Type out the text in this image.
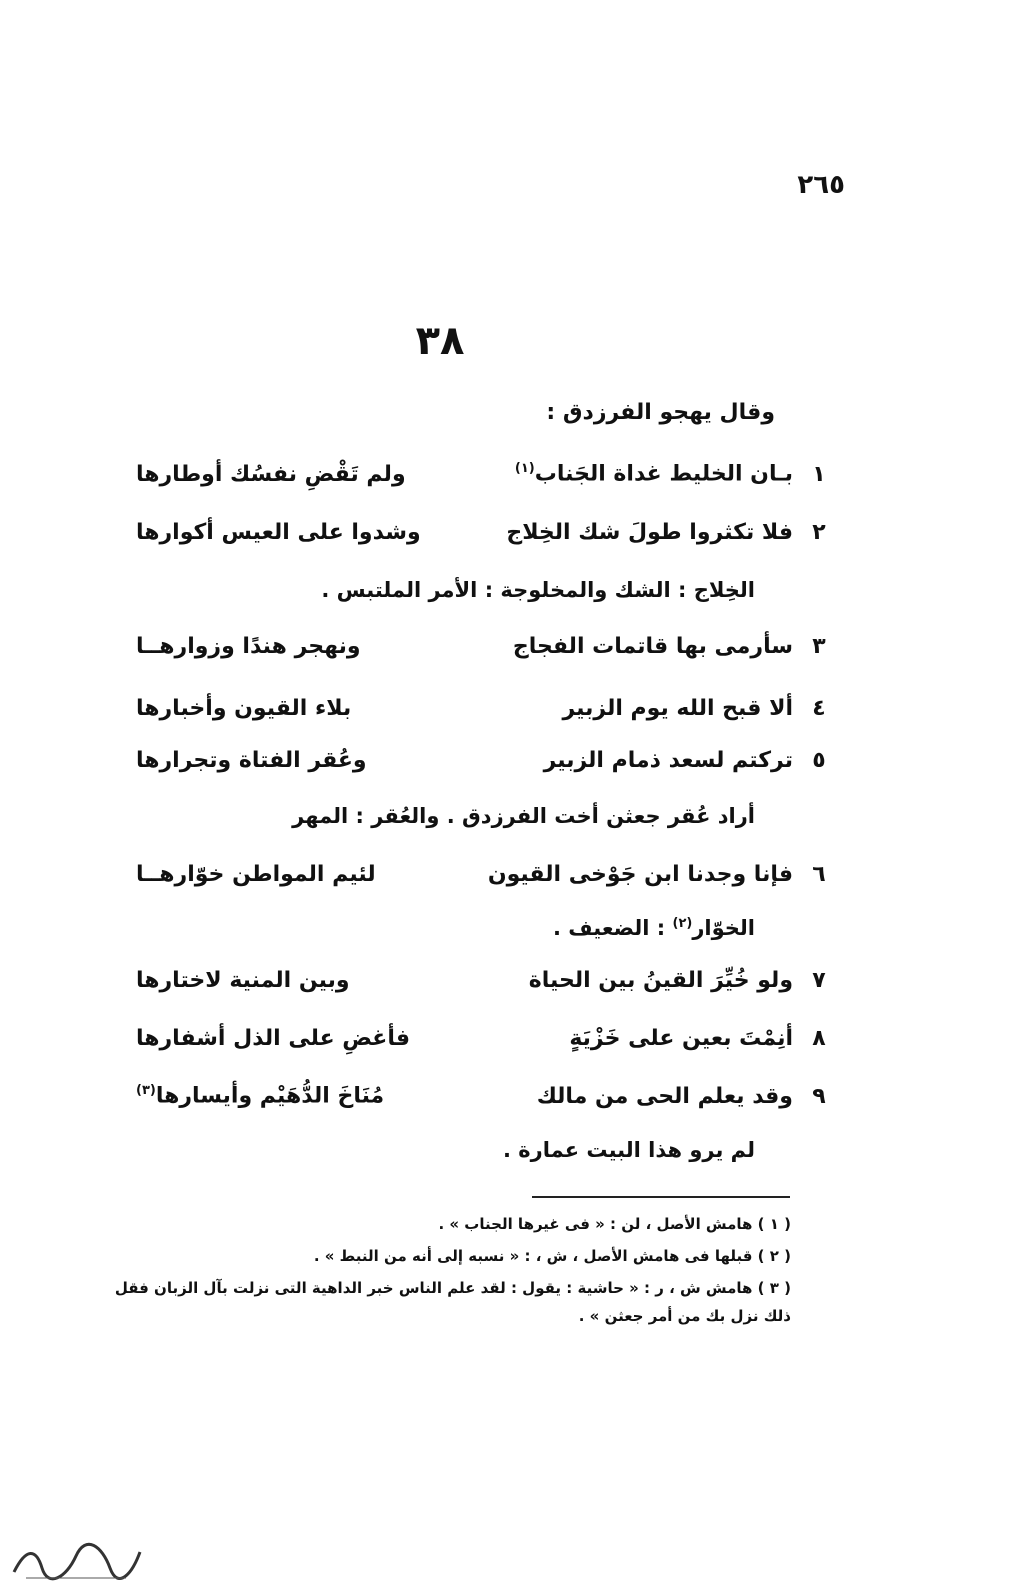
٢٦٥
٣٨
وقال يهجو الفرزدق :
١
بـان الخليط غداة الجَناب$^{(١)}$
ولم تَقْضِ نفسُك أوطارها
٢
فلا تكثروا طولَ شك الخِلاج
وشدوا على العيس أكوارها
الخِلاج : الشك والمخلوجة : الأمر الملتبس .
٣
سأرمى بها قاتمات الفجاج
ونهجر هندًا وزوارهــا
٤
ألا قبح الله يوم الزبير
بلاء القيون وأخبارها
٥
تركتم لسعد ذمام الزبير
وعُقر الفتاة وتجرارها
أراد عُقر جعثن أخت الفرزدق . والعُقر : المهر
٦
فإنا وجدنا ابن جَوْخى القيون
لئيم المواطن خوّارهــا
الخوّار$^{(٢)}$ : الضعيف .
٧
ولو خُيِّرَ القينُ بين الحياة
وبين المنية لاختارها
٨
أنِمْتَ بعين على خَزْيَةٍ
فأغضِ على الذل أشفارها
٩
وقد يعلم الحى من مالك
مُنَاخَ الدُّهَيْم وأيسارها$^{(٣)}$
لم يرو هذا البيت عمارة .
( ١ ) هامش الأصل ، لن : « فى غيرها الجناب » .
( ٢ ) قبلها فى هامش الأصل ، ش ، : « نسبه إلى أنه من النبط » .
( ٣ ) هامش ش ، ر : « حاشية : يقول : لقد علم الناس خبر الداهية التى نزلت بآل الزبان فقل ذلك نزل بك من أمر جعثن » .
